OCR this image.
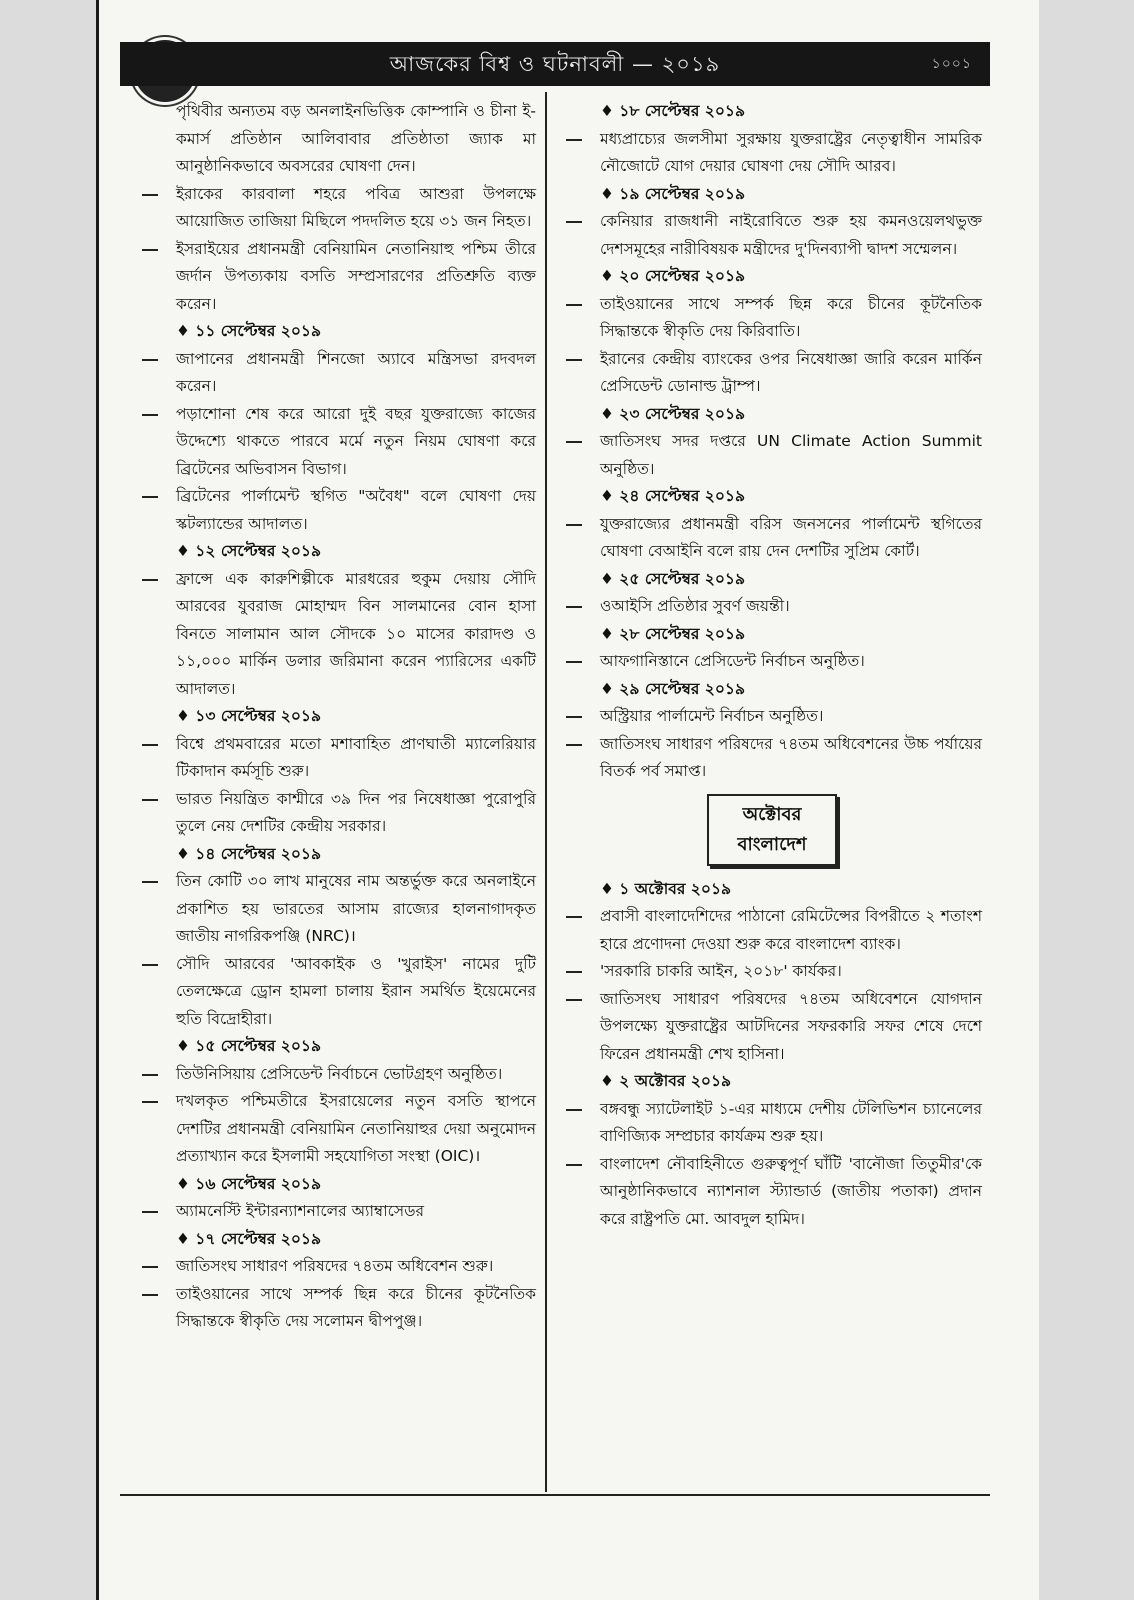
আজকের বিশ্ব ও ঘটনাবলী — ২০১৯	১০০১
পৃথিবীর অন্যতম বড় অনলাইনভিত্তিক কোম্পানি ও চীনা ই-কমার্স প্রতিষ্ঠান আলিবাবার প্রতিষ্ঠাতা জ্যাক মা আনুষ্ঠানিকভাবে অবসরের ঘোষণা দেন।
ইরাকের কারবালা শহরে পবিত্র আশুরা উপলক্ষে আয়োজিত তাজিয়া মিছিলে পদদলিত হয়ে ৩১ জন নিহত।
ইসরাইয়ের প্রধানমন্ত্রী বেনিয়ামিন নেতানিয়াহু পশ্চিম তীরে জর্দান উপত্যকায় বসতি সম্প্রসারণের প্রতিশ্রুতি ব্যক্ত করেন।
♦ ১১ সেপ্টেম্বর ২০১৯
জাপানের প্রধানমন্ত্রী শিনজো অ্যাবে মন্ত্রিসভা রদবদল করেন।
পড়াশোনা শেষ করে আরো দুই বছর যুক্তরাজ্যে কাজের উদ্দেশ্যে থাকতে পারবে মর্মে নতুন নিয়ম ঘোষণা করে ব্রিটেনের অভিবাসন বিভাগ।
ব্রিটেনের পার্লামেন্ট স্থগিত "অবৈধ" বলে ঘোষণা দেয় স্কটল্যান্ডের আদালত।
♦ ১২ সেপ্টেম্বর ২০১৯
ফ্রান্সে এক কারুশিল্পীকে মারধরের হুকুম দেয়ায় সৌদি আরবের যুবরাজ মোহাম্মদ বিন সালমানের বোন হাসা বিনতে সালামান আল সৌদকে ১০ মাসের কারাদণ্ড ও ১১,০০০ মার্কিন ডলার জরিমানা করেন প্যারিসের একটি আদালত।
♦ ১৩ সেপ্টেম্বর ২০১৯
বিশ্বে প্রথমবারের মতো মশাবাহিত প্রাণঘাতী ম্যালেরিয়ার টিকাদান কর্মসূচি শুরু।
ভারত নিয়ন্ত্রিত কাশ্মীরে ৩৯ দিন পর নিষেধাজ্ঞা পুরোপুরি তুলে নেয় দেশটির কেন্দ্রীয় সরকার।
♦ ১৪ সেপ্টেম্বর ২০১৯
তিন কোটি ৩০ লাখ মানুষের নাম অন্তর্ভুক্ত করে অনলাইনে প্রকাশিত হয় ভারতের আসাম রাজ্যের হালনাগাদকৃত জাতীয় নাগরিকপঞ্জি (NRC)।
সৌদি আরবের 'আবকাইক ও 'খুরাইস' নামের দুটি তেলক্ষেত্রে ড্রোন হামলা চালায় ইরান সমর্থিত ইয়েমেনের হুতি বিদ্রোহীরা।
♦ ১৫ সেপ্টেম্বর ২০১৯
তিউনিসিয়ায় প্রেসিডেন্ট নির্বাচনে ভোটগ্রহণ অনুষ্ঠিত।
দখলকৃত পশ্চিমতীরে ইসরায়েলের নতুন বসতি স্থাপনে দেশটির প্রধানমন্ত্রী বেনিয়ামিন নেতানিয়াহুর দেয়া অনুমোদন প্রত্যাখ্যান করে ইসলামী সহযোগিতা সংস্থা (OIC)।
♦ ১৬ সেপ্টেম্বর ২০১৯
অ্যামনেস্টি ইন্টারন্যাশনালের অ্যাম্বাসেডর
♦ ১৭ সেপ্টেম্বর ২০১৯
জাতিসংঘ সাধারণ পরিষদের ৭৪তম অধিবেশন শুরু।
তাইওয়ানের সাথে সম্পর্ক ছিন্ন করে চীনের কূটনৈতিক সিদ্ধান্তকে স্বীকৃতি দেয় সলোমন দ্বীপপুঞ্জ।
♦ ১৮ সেপ্টেম্বর ২০১৯
মধ্যপ্রাচ্যের জলসীমা সুরক্ষায় যুক্তরাষ্ট্রের নেতৃত্বাধীন সামরিক নৌজোটে যোগ দেয়ার ঘোষণা দেয় সৌদি আরব।
♦ ১৯ সেপ্টেম্বর ২০১৯
কেনিয়ার রাজধানী নাইরোবিতে শুরু হয় কমনওয়েলথভুক্ত দেশসমূহের নারীবিষয়ক মন্ত্রীদের দু'দিনব্যাপী দ্বাদশ সম্মেলন।
♦ ২০ সেপ্টেম্বর ২০১৯
তাইওয়ানের সাথে সম্পর্ক ছিন্ন করে চীনের কূটনৈতিক সিদ্ধান্তকে স্বীকৃতি দেয় কিরিবাতি।
ইরানের কেন্দ্রীয় ব্যাংকের ওপর নিষেধাজ্ঞা জারি করেন মার্কিন প্রেসিডেন্ট ডোনাল্ড ট্রাম্প।
♦ ২৩ সেপ্টেম্বর ২০১৯
জাতিসংঘ সদর দপ্তরে UN Climate Action Summit অনুষ্ঠিত।
♦ ২৪ সেপ্টেম্বর ২০১৯
যুক্তরাজ্যের প্রধানমন্ত্রী বরিস জনসনের পার্লামেন্ট স্থগিতের ঘোষণা বেআইনি বলে রায় দেন দেশটির সুপ্রিম কোর্ট।
♦ ২৫ সেপ্টেম্বর ২০১৯
ওআইসি প্রতিষ্ঠার সুবর্ণ জয়ন্তী।
♦ ২৮ সেপ্টেম্বর ২০১৯
আফগানিস্তানে প্রেসিডেন্ট নির্বাচন অনুষ্ঠিত।
♦ ২৯ সেপ্টেম্বর ২০১৯
অস্ট্রিয়ার পার্লামেন্ট নির্বাচন অনুষ্ঠিত।
জাতিসংঘ সাধারণ পরিষদের ৭৪তম অধিবেশনের উচ্চ পর্যায়ের বিতর্ক পর্ব সমাপ্ত।
অক্টোবর বাংলাদেশ
♦ ১ অক্টোবর ২০১৯
প্রবাসী বাংলাদেশিদের পাঠানো রেমিটেন্সের বিপরীতে ২ শতাংশ হারে প্রণোদনা দেওয়া শুরু করে বাংলাদেশ ব্যাংক।
'সরকারি চাকরি আইন, ২০১৮' কার্যকর।
জাতিসংঘ সাধারণ পরিষদের ৭৪তম অধিবেশনে যোগদান উপলক্ষ্যে যুক্তরাষ্ট্রের আটদিনের সফরকারি সফর শেষে দেশে ফিরেন প্রধানমন্ত্রী শেখ হাসিনা।
♦ ২ অক্টোবর ২০১৯
বঙ্গবন্ধু স্যাটেলাইট ১-এর মাধ্যমে দেশীয় টেলিভিশন চ্যানেলের বাণিজ্যিক সম্প্রচার কার্যক্রম শুরু হয়।
বাংলাদেশ নৌবাহিনীতে গুরুত্বপূর্ণ ঘাঁটি 'বানৌজা তিতুমীর'কে আনুষ্ঠানিকভাবে ন্যাশনাল স্ট্যান্ডার্ড (জাতীয় পতাকা) প্রদান করে রাষ্ট্রপতি মো. আবদুল হামিদ।
